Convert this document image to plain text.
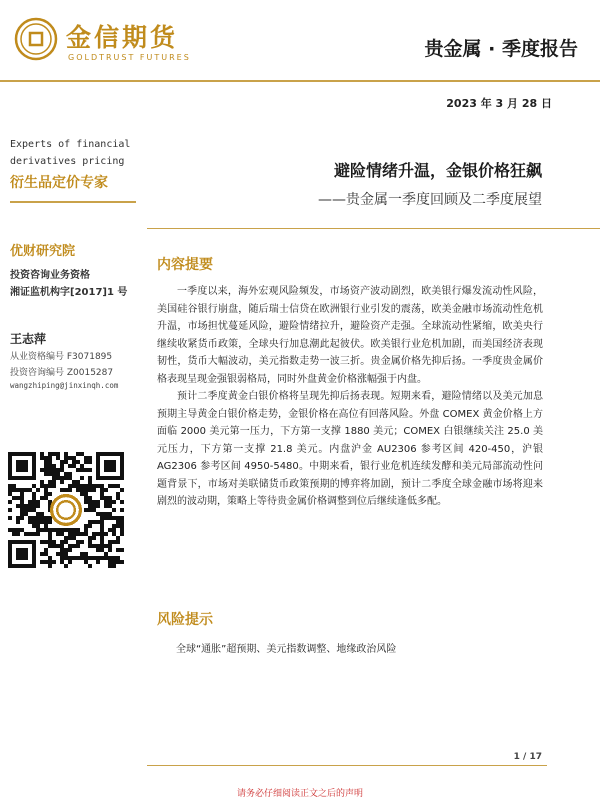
金信期货
GOLDTRUST FUTURES	贵金属 · 季度报告
2023 年 3 月 28 日
Experts of financial derivatives pricing
衍生品定价专家
优财研究院
投资咨询业务资格
湘证监机构字[2017]1 号
王志萍
从业资格编号 F3071895
投资咨询编号 Z0015287
wangzhiping@jinxinqh.com
避险情绪升温，金银价格狂飙
——贵金属一季度回顾及二季度展望
内容提要

一季度以来，海外宏观风险频发，市场资产波动剧烈，欧美银行爆发流动性风险，美国硅谷银行崩盘，随后瑞士信贷在欧洲银行业引发的震荡，欧美金融市场流动性危机升温，市场担忧蔓延风险，避险情绪拉升，避险资产走强。全球流动性紧缩，欧美央行继续收紧货币政策，全球央行加息潮此起彼伏。欧美银行业危机加剧，而美国经济表现韧性，货币大幅波动，美元指数走势一波三折。贵金属价格先抑后扬。一季度贵金属价格表现呈现金强银弱格局，同时外盘黄金价格涨幅强于内盘。

预计二季度黄金白银价格将呈现先抑后扬表现。短期来看，避险情绪以及美元加息预期主导黄金白银价格走势，金银价格在高位有回落风险。外盘 COMEX 黄金价格上方面临 2000 美元第一压力，下方第一支撑 1880 美元；COMEX 白银继续关注 25.0 美元压力，下方第一支撑 21.8 美元。内盘沪金 AU2306 参考区间 420-450，沪银 AG2306 参考区间 4950-5480。中期来看，银行业危机连续发酵和美元局部流动性问题背景下，市场对美联储货币政策预期的博弈将加剧，预计二季度全球金融市场将迎来剧烈的波动期，策略上等待贵金属价格调整到位后继续逢低多配。

风险提示
全球“通胀”超预期、美元指数调整、地缘政治风险
1 / 17
请务必仔细阅读正文之后的声明
